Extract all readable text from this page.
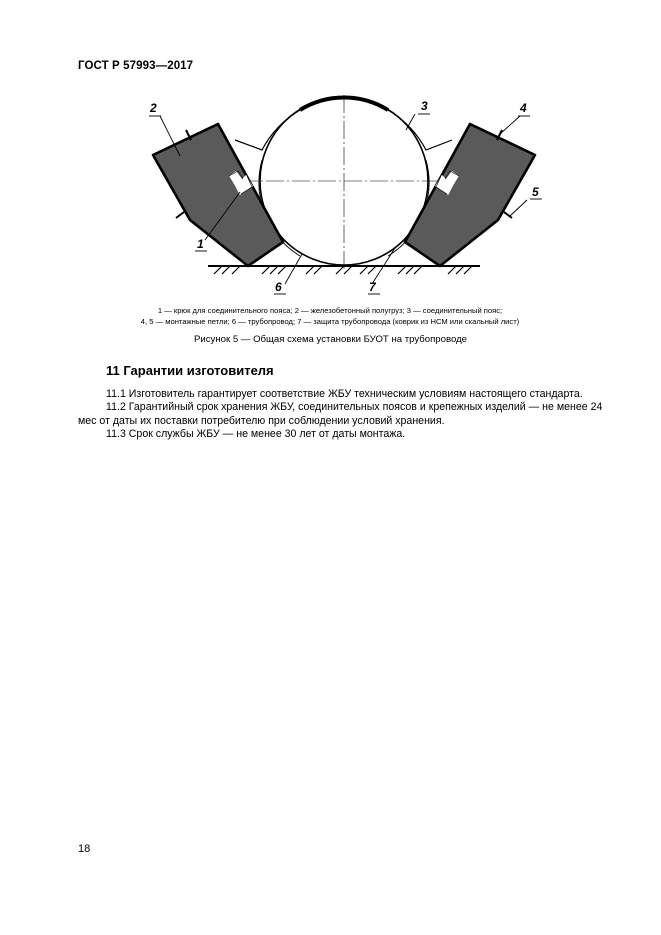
ГОСТ Р 57993—2017
2	3	4
5
1
6	7
1 — крюк для соединительного пояса; 2 — железобетонный полугруз; 3 — соединительный пояс;
4, 5 — монтажные петли; 6 — трубопровод; 7 — защита трубопровода (коврик из НСМ или скальный лист)
Рисунок 5 — Общая схема установки БУОТ на трубопроводе
11 Гарантии изготовителя
11.1 Изготовитель гарантирует соответствие ЖБУ техническим условиям настоящего стандарта.
11.2 Гарантийный срок хранения ЖБУ, соединительных поясов и крепежных изделий — не менее 24 мес от даты их поставки потребителю при соблюдении условий хранения.
11.3 Срок службы ЖБУ — не менее 30 лет от даты монтажа.
18
